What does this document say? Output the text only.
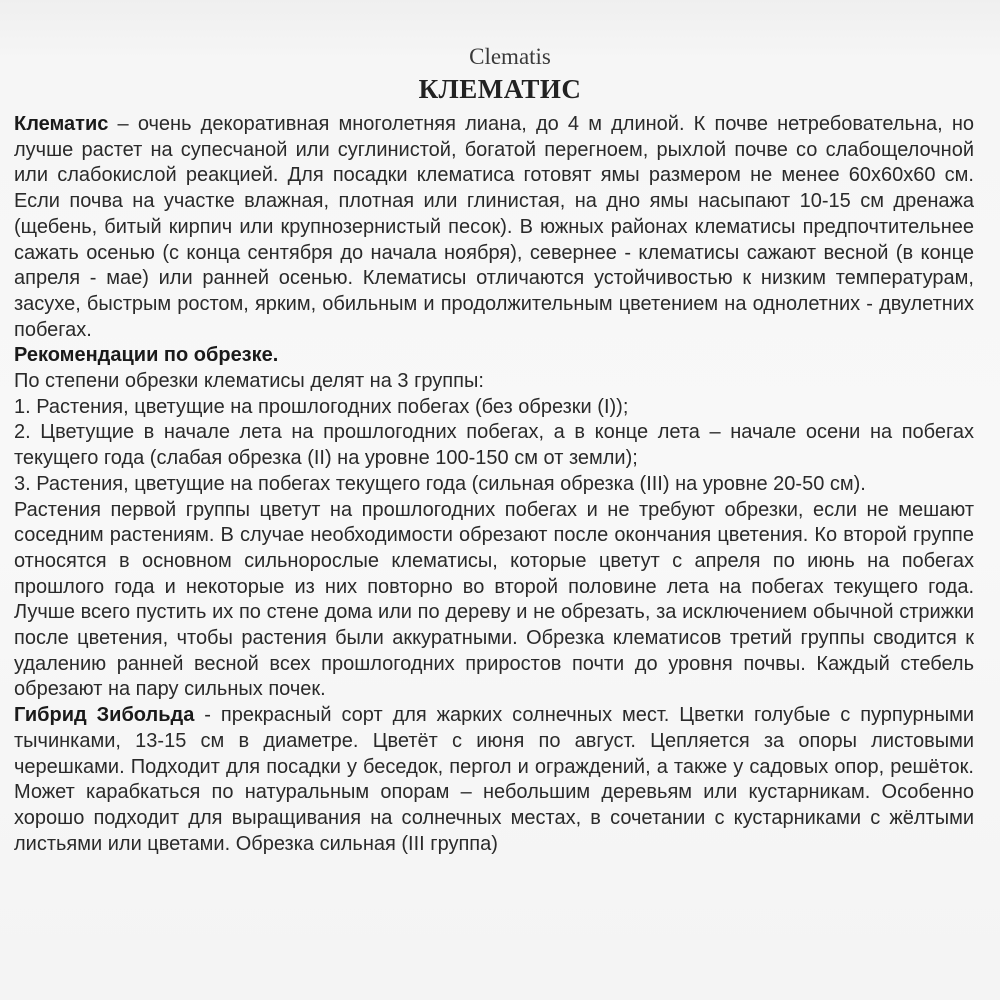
Clematis
КЛЕМАТИС

Клематис – очень декоративная многолетняя лиана, до 4 м длиной. К почве нетребовательна, но лучше растет на супесчаной или суглинистой, богатой перегноем, рыхлой почве со слабощелочной или слабокислой реакцией. Для посадки клематиса готовят ямы размером не менее 60х60х60 см. Если почва на участке влажная, плотная или глинистая, на дно ямы насыпают 10-15 см дренажа (щебень, битый кирпич или крупнозернистый песок). В южных районах клематисы предпочтительнее сажать осенью (с конца сентября до начала ноября), севернее - клематисы сажают весной (в конце апреля - мае) или ранней осенью. Клематисы отличаются устойчивостью к низким температурам, засухе, быстрым ростом, ярким, обильным и продолжительным цветением на однолетних - двулетних побегах.

Рекомендации по обрезке.

По степени обрезки клематисы делят на 3 группы:

1. Растения, цветущие на прошлогодних побегах (без обрезки (I));

2. Цветущие в начале лета на прошлогодних побегах, а в конце лета – начале осени на побегах текущего года (слабая обрезка (II) на уровне 100-150 см от земли);

3. Растения, цветущие на побегах текущего года (сильная обрезка (III) на уровне 20-50 см).

Растения первой группы цветут на прошлогодних побегах и не требуют обрезки, если не мешают соседним растениям. В случае необходимости обрезают после окончания цветения. Ко второй группе относятся в основном сильнорослые клематисы, которые цветут с апреля по июнь на побегах прошлого года и некоторые из них повторно во второй половине лета на побегах текущего года. Лучше всего пустить их по стене дома или по дереву и не обрезать, за исключением обычной стрижки после цветения, чтобы растения были аккуратными. Обрезка клематисов третий группы сводится к удалению ранней весной всех прошлогодних приростов почти до уровня почвы. Каждый стебель обрезают на пару сильных почек.

Гибрид Зибольда - прекрасный сорт для жарких солнечных мест. Цветки голубые с пурпурными тычинками, 13-15 см в диаметре. Цветёт с июня по август. Цепляется за опоры листовыми черешками. Подходит для посадки у беседок, пергол и ограждений, а также у садовых опор, решёток. Может карабкаться по натуральным опорам – небольшим деревьям или кустарникам. Особенно хорошо подходит для выращивания на солнечных местах, в сочетании с кустарниками с жёлтыми листьями или цветами. Обрезка сильная (III группа)
